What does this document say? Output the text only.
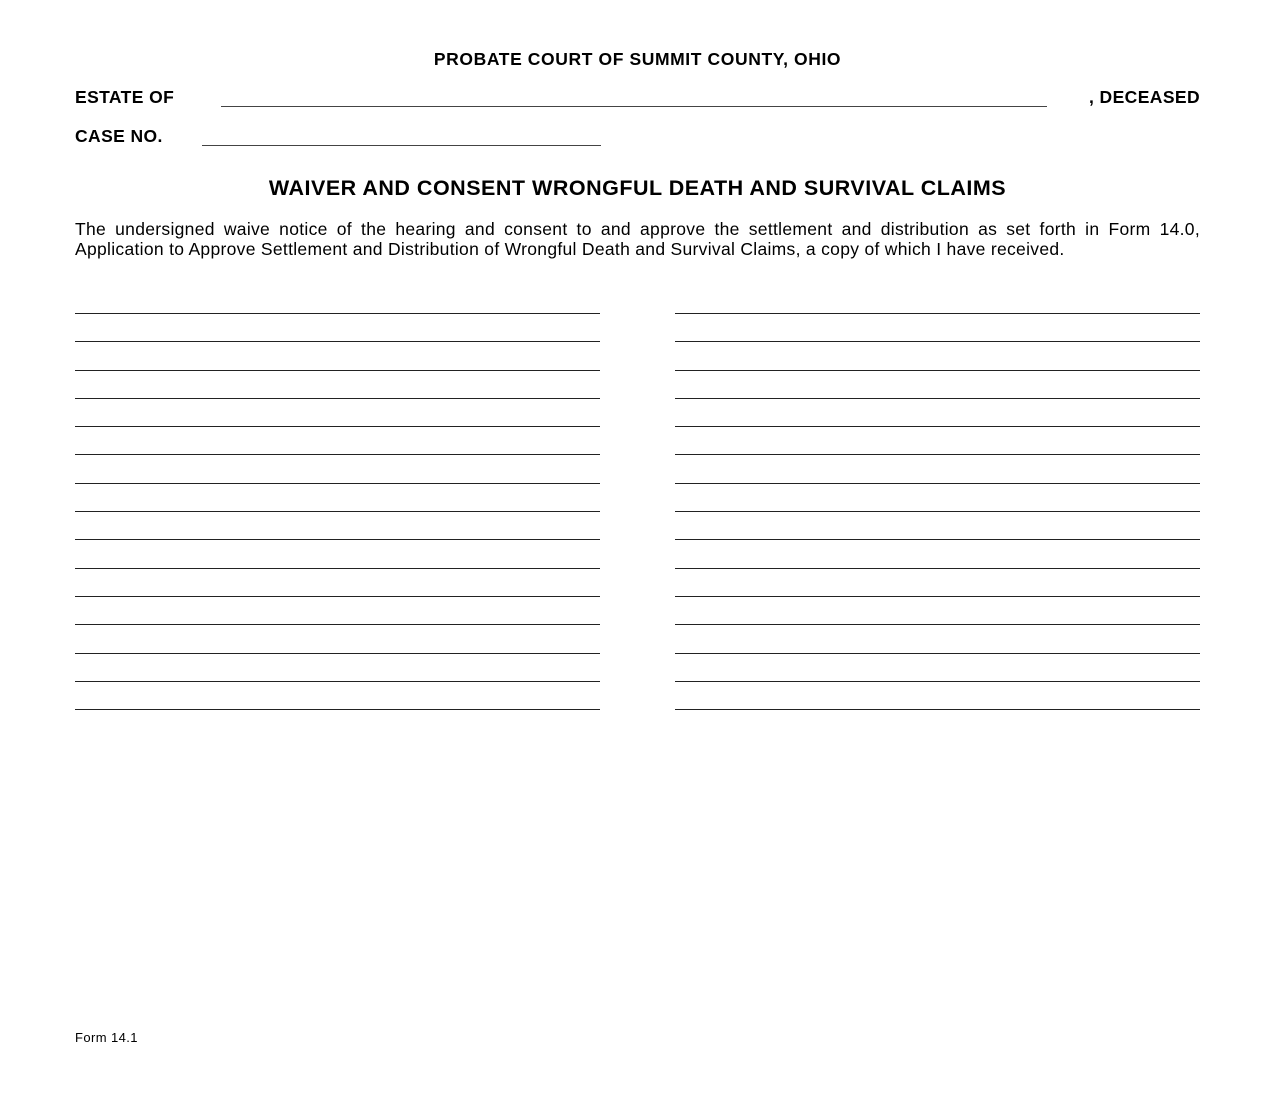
PROBATE COURT OF SUMMIT COUNTY, OHIO
ESTATE OF	, DECEASED
CASE NO.
WAIVER AND CONSENT WRONGFUL DEATH AND SURVIVAL CLAIMS
The undersigned waive notice of the hearing and consent to and approve the settlement and distribution as set forth in Form 14.0, Application to Approve Settlement and Distribution of Wrongful Death and Survival Claims, a copy of which I have received.
Form 14.1
